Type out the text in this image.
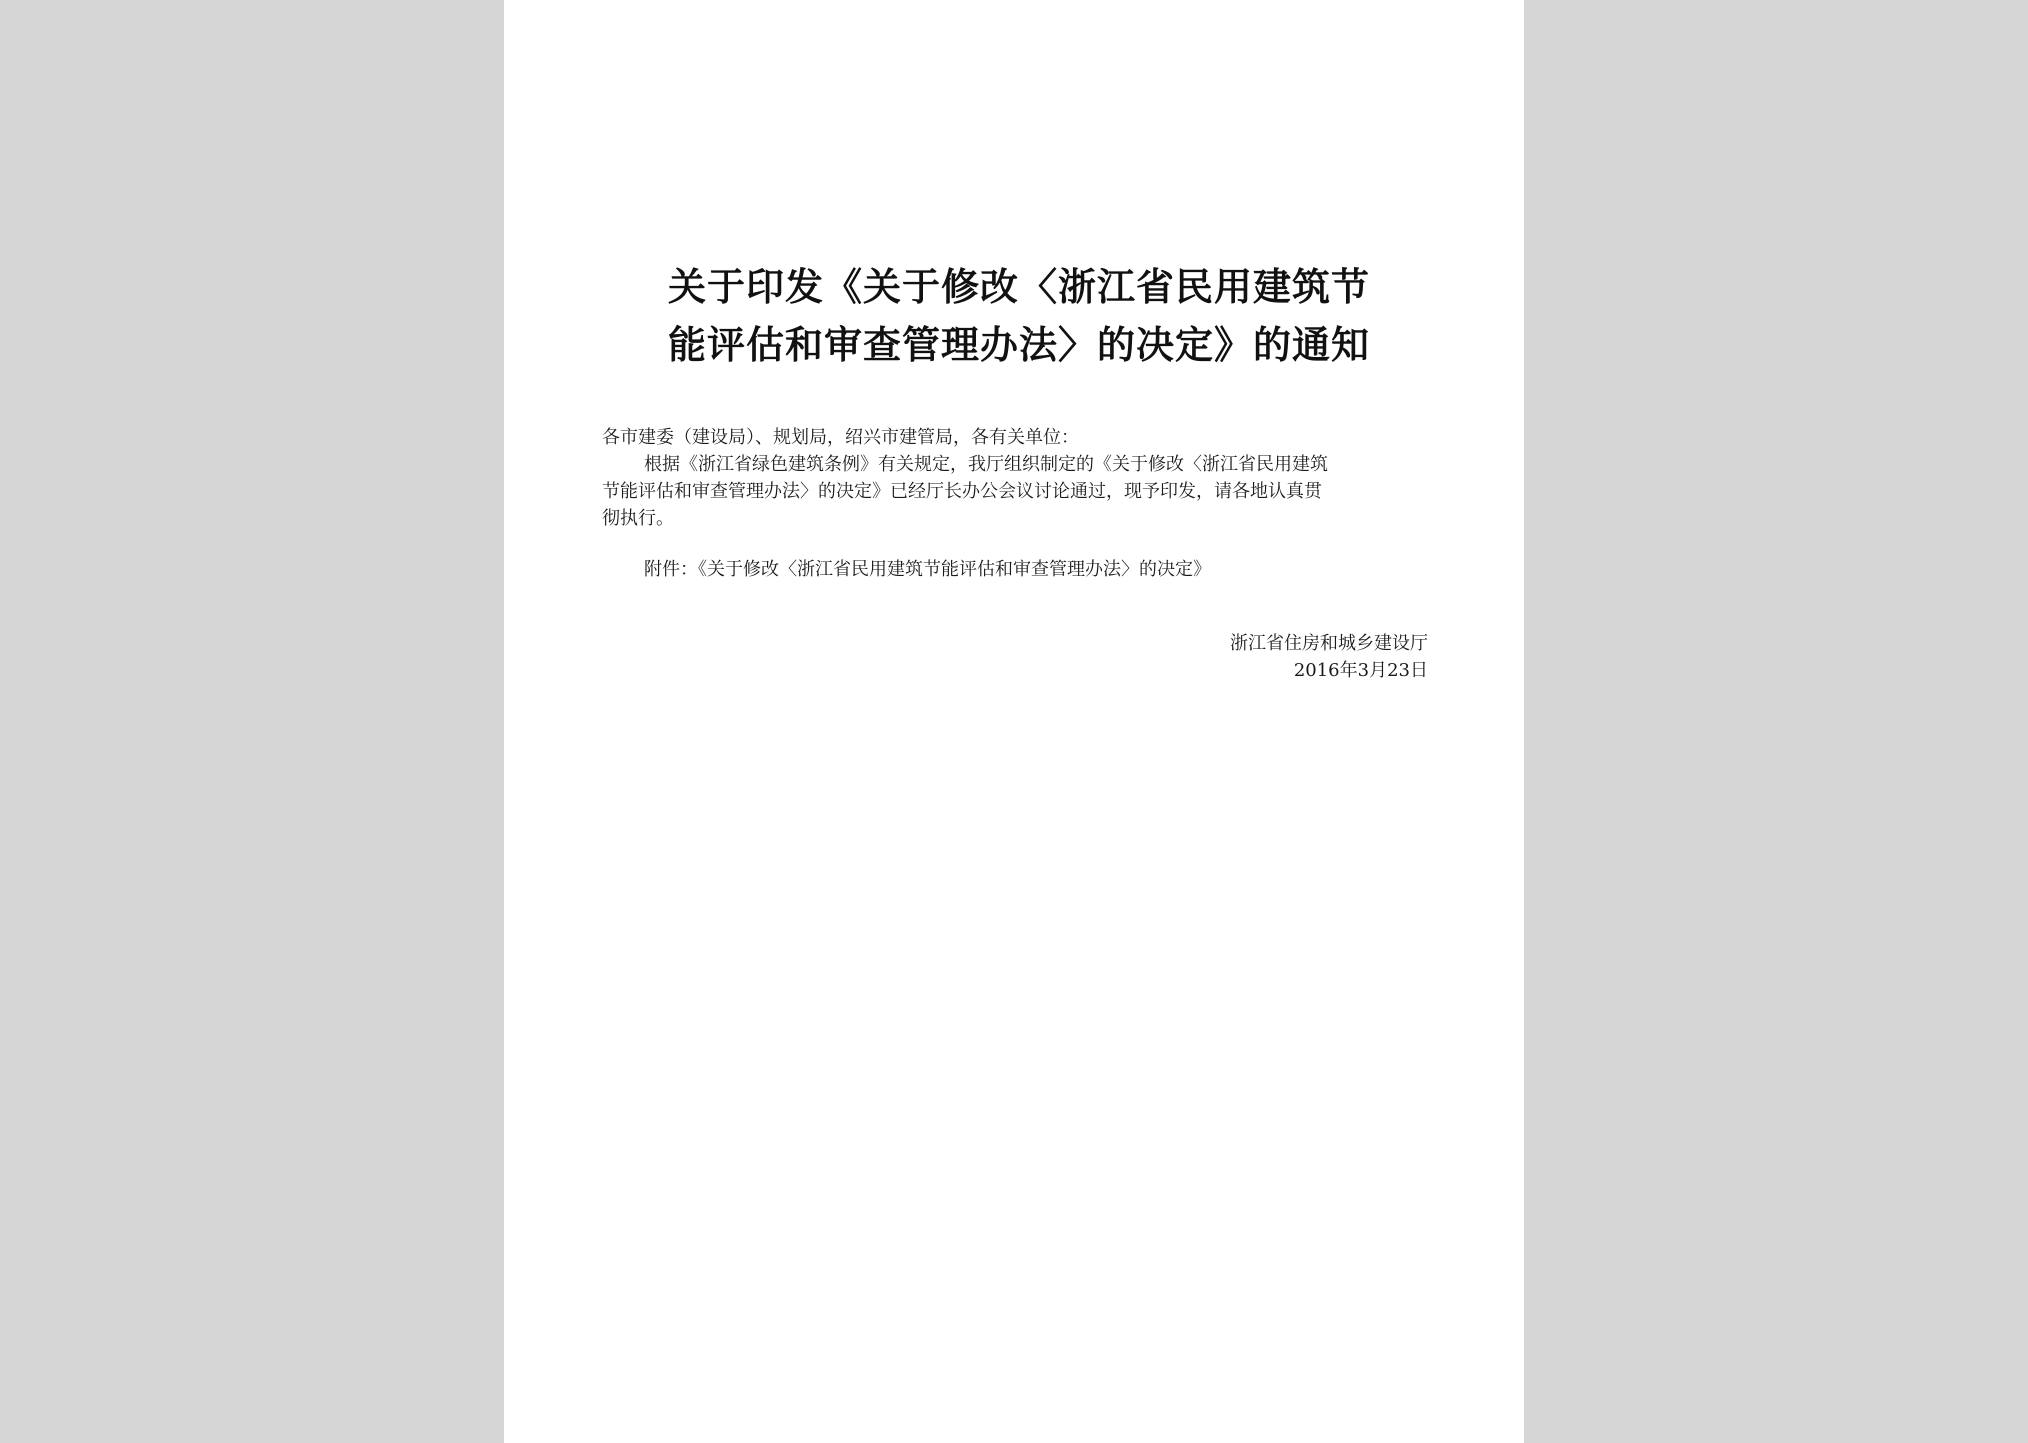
关于印发《关于修改〈浙江省民用建筑节
能评估和审查管理办法〉的决定》的通知

各市建委（建设局）、规划局，绍兴市建管局，各有关单位：

根据《浙江省绿色建筑条例》有关规定，我厅组织制定的《关于修改〈浙江省民用建筑

节能评估和审查管理办法〉的决定》已经厅长办公会议讨论通过，现予印发，请各地认真贯

彻执行。

附件：《关于修改〈浙江省民用建筑节能评估和审查管理办法〉的决定》
浙江省住房和城乡建设厅
2016年3月23日
